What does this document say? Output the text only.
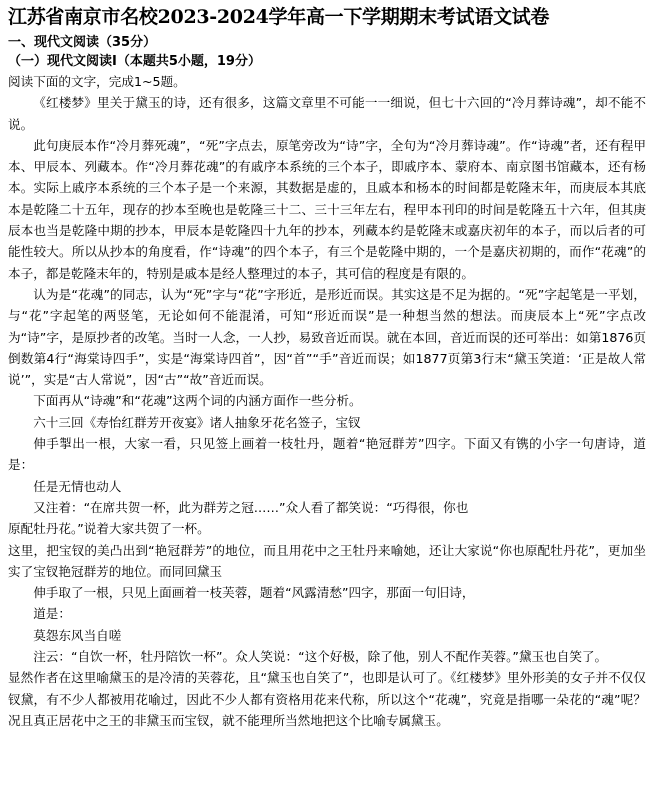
江苏省南京市名校2023-2024学年高一下学期期末考试语文试卷

一、现代文阅读（35分）

（一）现代文阅读Ⅰ（本题共5小题，19分）

阅读下面的文字，完成1~5题。

《红楼梦》里关于黛玉的诗，还有很多，这篇文章里不可能一一细说，但七十六回的“冷月葬诗魂”，却不能不说。

此句庚辰本作“冷月葬死魂”，“死”字点去，原笔旁改为“诗”字，全句为“冷月葬诗魂”。作“诗魂”者，还有程甲本、甲辰本、列藏本。作“冷月葬花魂”的有戚序本系统的三个本子，即戚序本、蒙府本、南京图书馆藏本，还有杨本。实际上戚序本系统的三个本子是一个来源，其数据是虚的，且戚本和杨本的时间都是乾隆末年，而庚辰本其底本是乾隆二十五年，现存的抄本至晚也是乾隆三十二、三十三年左右，程甲本刊印的时间是乾隆五十六年，但其庚辰本也当是乾隆中期的抄本，甲辰本是乾隆四十九年的抄本，列藏本约是乾隆末或嘉庆初年的本子，而以后者的可能性较大。所以从抄本的角度看，作“诗魂”的四个本子，有三个是乾隆中期的，一个是嘉庆初期的，而作“花魂”的本子，都是乾隆末年的，特别是戚本是经人整理过的本子，其可信的程度是有限的。

认为是“花魂”的同志，认为“死”字与“花”字形近，是形近而误。其实这是不足为据的。“死”字起笔是一平划，与“花”字起笔的两竖笔，无论如何不能混淆，可知“形近而误”是一种想当然的想法。而庚辰本上“死”字点改为“诗”字，是原抄者的改笔。当时一人念，一人抄，易致音近而误。就在本回，音近而误的还可举出：如第1876页倒数第4行“海棠诗四手”，实是“海棠诗四首”，因“首”“手”音近而误；如1877页第3行末“黛玉笑道：‘正是故人常说’”，实是“古人常说”，因“古”“故”音近而误。

下面再从“诗魂”和“花魂”这两个词的内涵方面作一些分析。

六十三回《寿怡红群芳开夜宴》诸人抽象牙花名签子，宝钗

伸手掣出一根，大家一看，只见签上画着一枝牡丹，题着“艳冠群芳”四字。下面又有镌的小字一句唐诗，道是：

任是无情也动人

又注着：“在席共贺一杯，此为群芳之冠……”众人看了都笑说：“巧得很，你也

原配牡丹花。”说着大家共贺了一杯。

这里，把宝钗的美凸出到“艳冠群芳”的地位，而且用花中之王牡丹来喻她，还让大家说“你也原配牡丹花”，更加坐实了宝钗艳冠群芳的地位。而同回黛玉

伸手取了一根，只见上面画着一枝芙蓉，题着“风露清愁”四字，那面一句旧诗，

道是：

莫怨东风当自嗟

注云：“自饮一杯，牡丹陪饮一杯”。众人笑说：“这个好极，除了他，别人不配作芙蓉。”黛玉也自笑了。

显然作者在这里喻黛玉的是冷清的芙蓉花，且“黛玉也自笑了”，也即是认可了。《红楼梦》里外形美的女子并不仅仅钗黛，有不少人都被用花喻过，因此不少人都有资格用花来代称，所以这个“花魂”，究竟是指哪一朵花的“魂”呢？况且真正居花中之王的非黛玉而宝钗，就不能理所当然地把这个比喻专属黛玉。
